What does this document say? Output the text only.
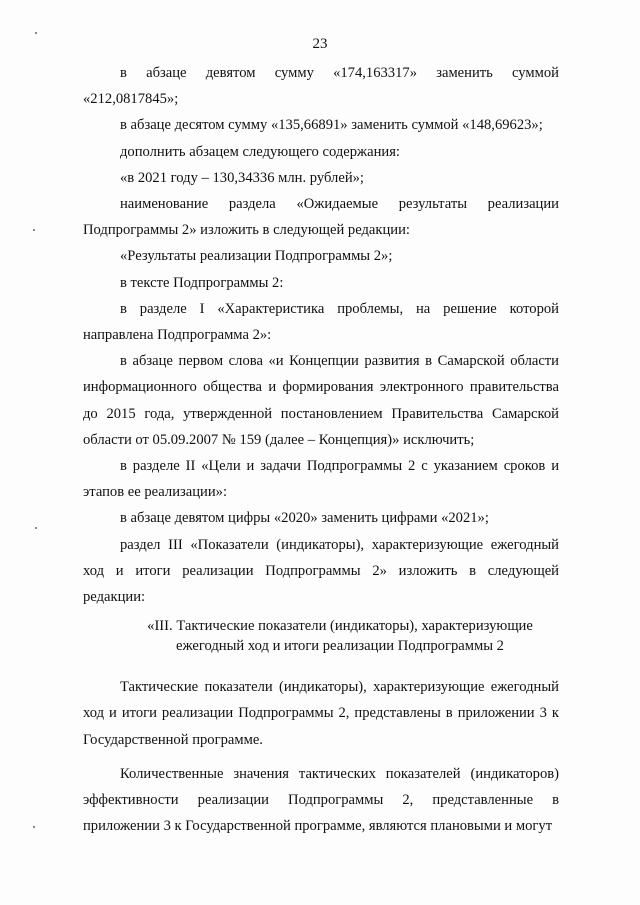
23

в абзаце девятом сумму «174,163317» заменить суммой «212,0817845»;

в абзаце десятом сумму «135,66891» заменить суммой «148,69623»;

дополнить абзацем следующего содержания:

«в 2021 году – 130,34336 млн. рублей»;

наименование раздела «Ожидаемые результаты реализации Подпрограммы 2» изложить в следующей редакции:

«Результаты реализации Подпрограммы 2»;

в тексте Подпрограммы 2:

в разделе I «Характеристика проблемы, на решение которой направлена Подпрограмма 2»:

в абзаце первом слова «и Концепции развития в Самарской области информационного общества и формирования электронного правительства до 2015 года, утвержденной постановлением Правительства Самарской области от 05.09.2007 № 159 (далее – Концепция)» исключить;

в разделе II «Цели и задачи Подпрограммы 2 с указанием сроков и этапов ее реализации»:

в абзаце девятом цифры «2020» заменить цифрами «2021»;

раздел III «Показатели (индикаторы), характеризующие ежегодный ход и итоги реализации Подпрограммы 2» изложить в следующей редакции:

«III. Тактические показатели (индикаторы), характеризующие
ежегодный ход и итоги реализации Подпрограммы 2

Тактические показатели (индикаторы), характеризующие ежегодный ход и итоги реализации Подпрограммы 2, представлены в приложении 3 к Государственной программе.

Количественные значения тактических показателей (индикаторов) эффективности реализации Подпрограммы 2, представленные в приложении 3 к Государственной программе, являются плановыми и могут
